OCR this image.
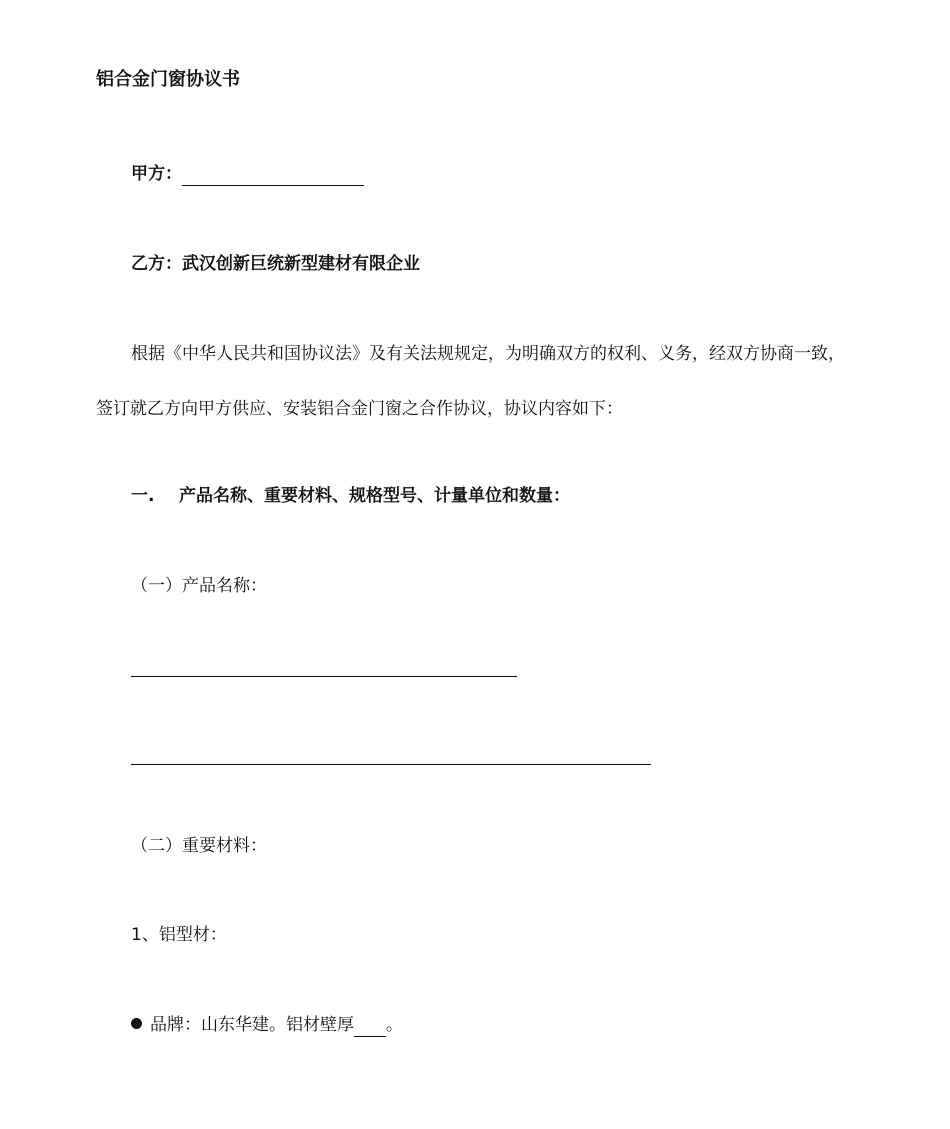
铝合金门窗协议书
甲方：
乙方：武汉创新巨统新型建材有限企业
根据《中华人民共和国协议法》及有关法规规定，为明确双方的权利、义务，经双方协商一致，
签订就乙方向甲方供应、安装铝合金门窗之合作协议，协议内容如下：
一. 产品名称、重要材料、规格型号、计量单位和数量：
（一）产品名称：
（二）重要材料：
1、铝型材：
品牌：山东华建。铝材壁厚 。
